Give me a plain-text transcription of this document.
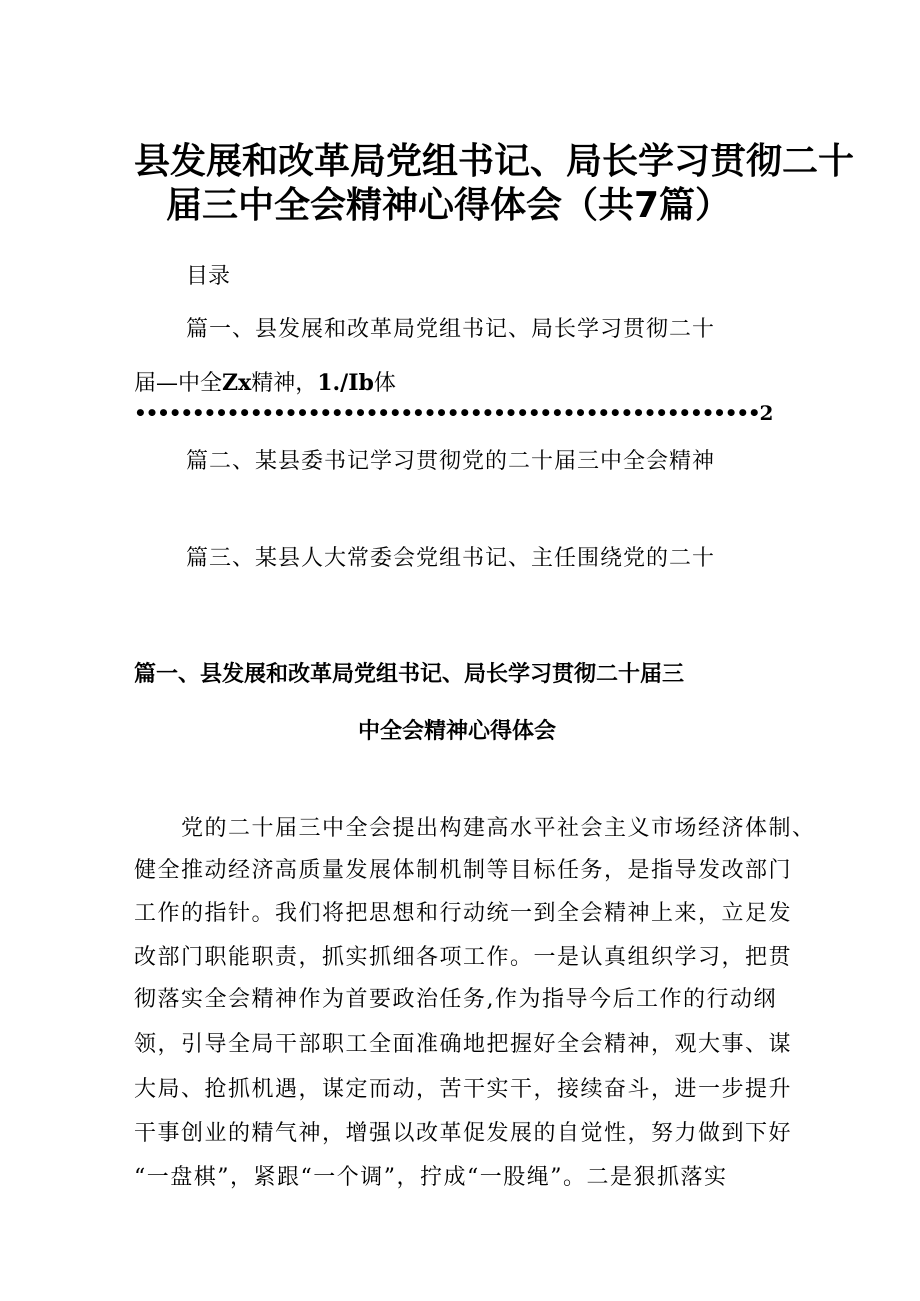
县发展和改革局党组书记、局长学习贯彻二十
届三中全会精神心得体会（共7篇）
目录
篇一、县发展和改革局党组书记、局长学习贯彻二十
届—中全Zx精神，1./Ib体
••••••••••••••••••••••••••••••••••••••••••••••••••••••2
篇二、某县委书记学习贯彻党的二十届三中全会精神
篇三、某县人大常委会党组书记、主任围绕党的二十
篇一、县发展和改革局党组书记、局长学习贯彻二十届三
中全会精神心得体会
　　党的二十届三中全会提出构建高水平社会主义市场经济体制、
健全推动经济高质量发展体制机制等目标任务，是指导发改部门
工作的指针。我们将把思想和行动统一到全会精神上来，立足发
改部门职能职责，抓实抓细各项工作。一是认真组织学习，把贯
彻落实全会精神作为首要政治任务,作为指导今后工作的行动纲
领，引导全局干部职工全面准确地把握好全会精神，观大事、谋
大局、抢抓机遇，谋定而动，苦干实干，接续奋斗，进一步提升
干事创业的精气神，增强以改革促发展的自觉性，努力做到下好
“一盘棋”，紧跟“一个调”，拧成“一股绳”。二是狠抓落实
